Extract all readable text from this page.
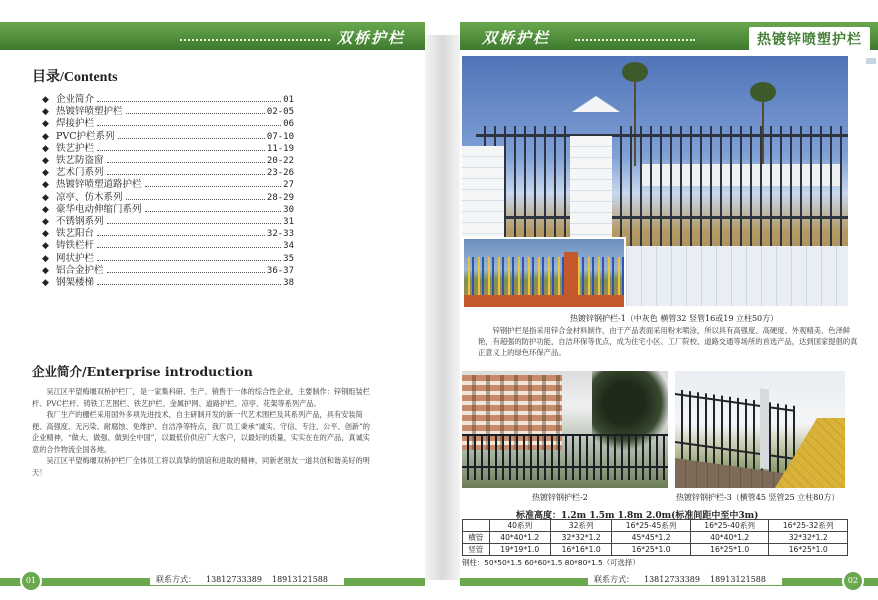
双桥护栏
目录/Contents
◆ 企业简介	01
◆ 热镀锌喷塑护栏	02-05
◆ 焊接护栏	06
◆ PVC护栏系列	07-10
◆ 铁艺护栏	11-19
◆ 铁艺防盗窗	20-22
◆ 艺术门系列	23-26
◆ 热镀锌喷塑道路护栏	27
◆ 凉亭、仿木系列	28-29
◆ 豪华电动伸缩门系列	30
◆ 不锈钢系列	31
◆ 铁艺阳台	32-33
◆ 铸铁栏杆	34
◆ 网状护栏	35
◆ 铝合金护栏	36-37
◆ 钢架楼梯	38
企业简介/Enterprise introduction

吴江区平望梅堰双桥护栏厂，是一家集科研、生产、销售于一体的综合性企业，主要制作：锌钢组装栏杆、PVC栏杆、铸铁工艺围栏、铁艺护栏、金属护网、道路护栏、凉亭、花架等系列产品。

我厂生产的栅栏采用国外多项先进技术，自主研制开发的新一代艺术围栏及其系列产品，具有安装简便、高强度、无污染、耐腐蚀、免维护、自洁净等特点，我厂员工秉承“诚实、守信、专注、公平、创新”的企业精神，“做大、做强、做到全中国”，以最低价供应广大客户，以最好的质量，实实在在的产品，真诚实意的合作物流全国各地。

吴江区平望梅堰双桥护栏厂全体员工将以真挚的情谊和进取的精神，同新老朋友一道共创和谐美好的明天！

联系方式： 13812733389 18913121588
01
双桥护栏	热镀锌喷塑护栏
热镀锌钢护栏-1（中灰色 横管32 竖管16或19 立柱50方）

锌钢护栏是指采用锌合金材料制作，由于产品表面采用粉末喷涂，所以具有高强度、高硬度、外观精美、色泽鲜艳，有超强的防护功能，自洁环保等优点，成为住宅小区、工厂院校、道路交通等场所的首选产品，达到国家提倡的真正意义上的绿色环保产品。

热镀锌钢护栏-2	热镀锌钢护栏-3（横管45 竖管25 立柱80方）
标准高度：1.2m 1.5m 1.8m 2.0m(标准间距中至中3m)
	40系列	32系列	16*25-45系列	16*25-40系列	16*25-32系列
横管	40*40*1.2	32*32*1.2	45*45*1.2	40*40*1.2	32*32*1.2
竖管	19*19*1.0	16*16*1.0	16*25*1.0	16*25*1.0	16*25*1.0
钢柱：50*50*1.5 60*60*1.5 80*80*1.5（可选择）
联系方式： 13812733389 18913121588	02
